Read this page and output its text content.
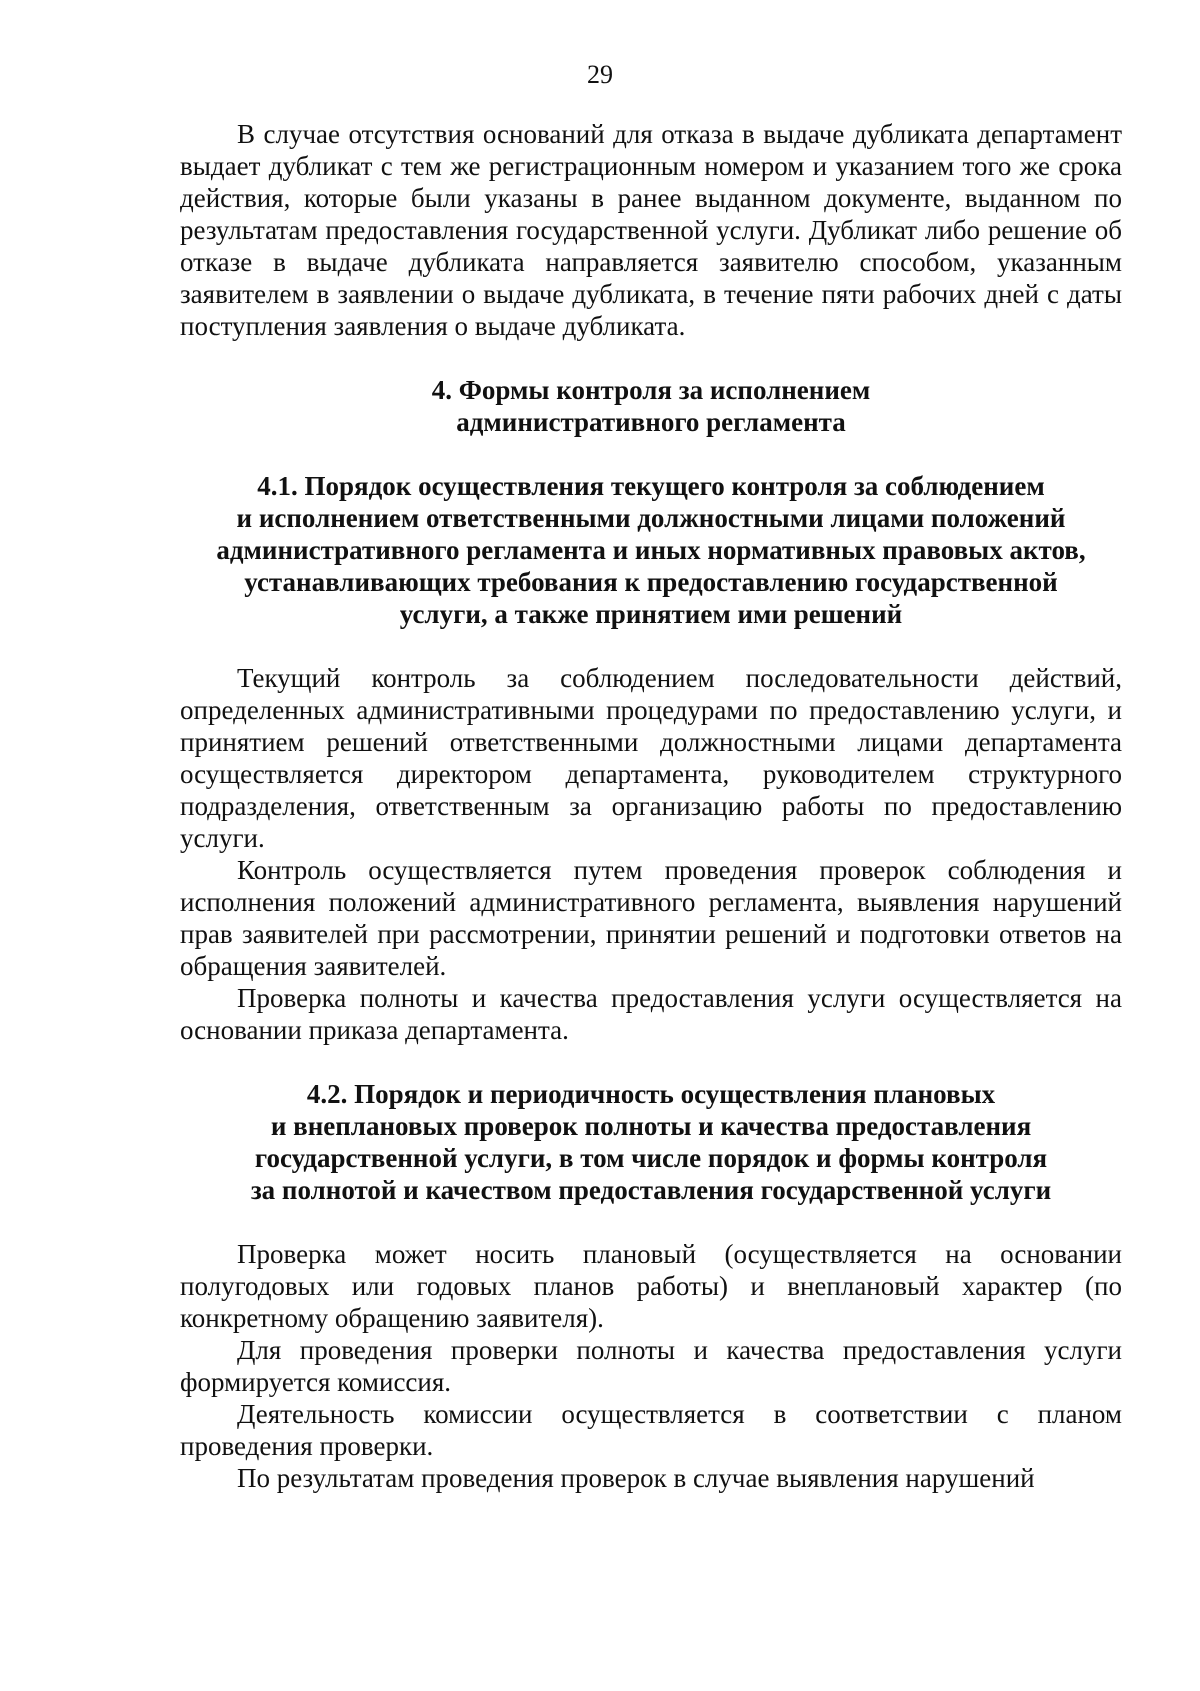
29

В случае отсутствия оснований для отказа в выдаче дубликата департамент выдает дубликат с тем же регистрационным номером и указанием того же срока действия, которые были указаны в ранее выданном документе, выданном по результатам предоставления государственной услуги. Дубликат либо решение об отказе в выдаче дубликата направляется заявителю способом, указанным заявителем в заявлении о выдаче дубликата, в течение пяти рабочих дней с даты поступления заявления о выдаче дубликата.

4. Формы контроля за исполнением
административного регламента
4.1. Порядок осуществления текущего контроля за соблюдением
и исполнением ответственными должностными лицами положений
административного регламента и иных нормативных правовых актов,
устанавливающих требования к предоставлению государственной
услуги, а также принятием ими решений

Текущий контроль за соблюдением последовательности действий, определенных административными процедурами по предоставлению услуги, и принятием решений ответственными должностными лицами департамента осуществляется директором департамента, руководителем структурного подразделения, ответственным за организацию работы по предоставлению услуги.

Контроль осуществляется путем проведения проверок соблюдения и исполнения положений административного регламента, выявления нарушений прав заявителей при рассмотрении, принятии решений и подготовки ответов на обращения заявителей.

Проверка полноты и качества предоставления услуги осуществляется на основании приказа департамента.

4.2. Порядок и периодичность осуществления плановых
и внеплановых проверок полноты и качества предоставления
государственной услуги, в том числе порядок и формы контроля
за полнотой и качеством предоставления государственной услуги

Проверка может носить плановый (осуществляется на основании полугодовых или годовых планов работы) и внеплановый характер (по конкретному обращению заявителя).

Для проведения проверки полноты и качества предоставления услуги формируется комиссия.

Деятельность комиссии осуществляется в соответствии с планом проведения проверки.

По результатам проведения проверок в случае выявления нарушений
